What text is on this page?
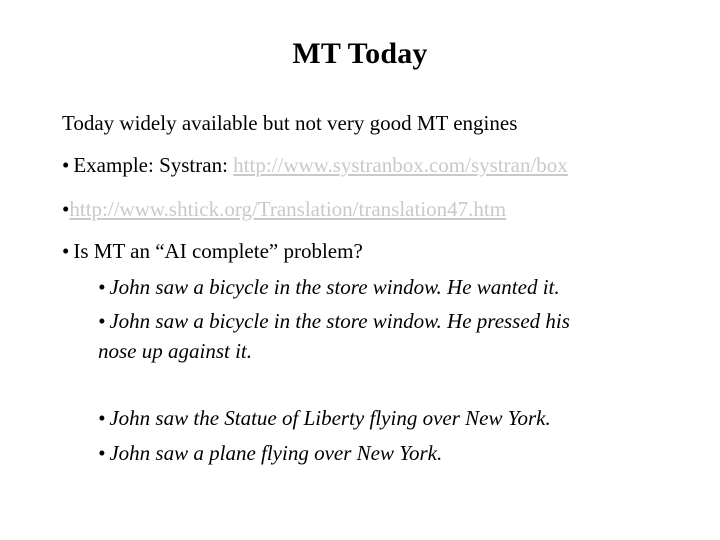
MT Today
Today widely available but not very good MT engines
• Example: Systran: http://www.systranbox.com/systran/box
•http://www.shtick.org/Translation/translation47.htm
• Is MT an “AI complete” problem?
• John saw a bicycle in the store window. He wanted it.
• John saw a bicycle in the store window. He pressed his
nose up against it.
• John saw the Statue of Liberty flying over New York.
• John saw a plane flying over New York.
